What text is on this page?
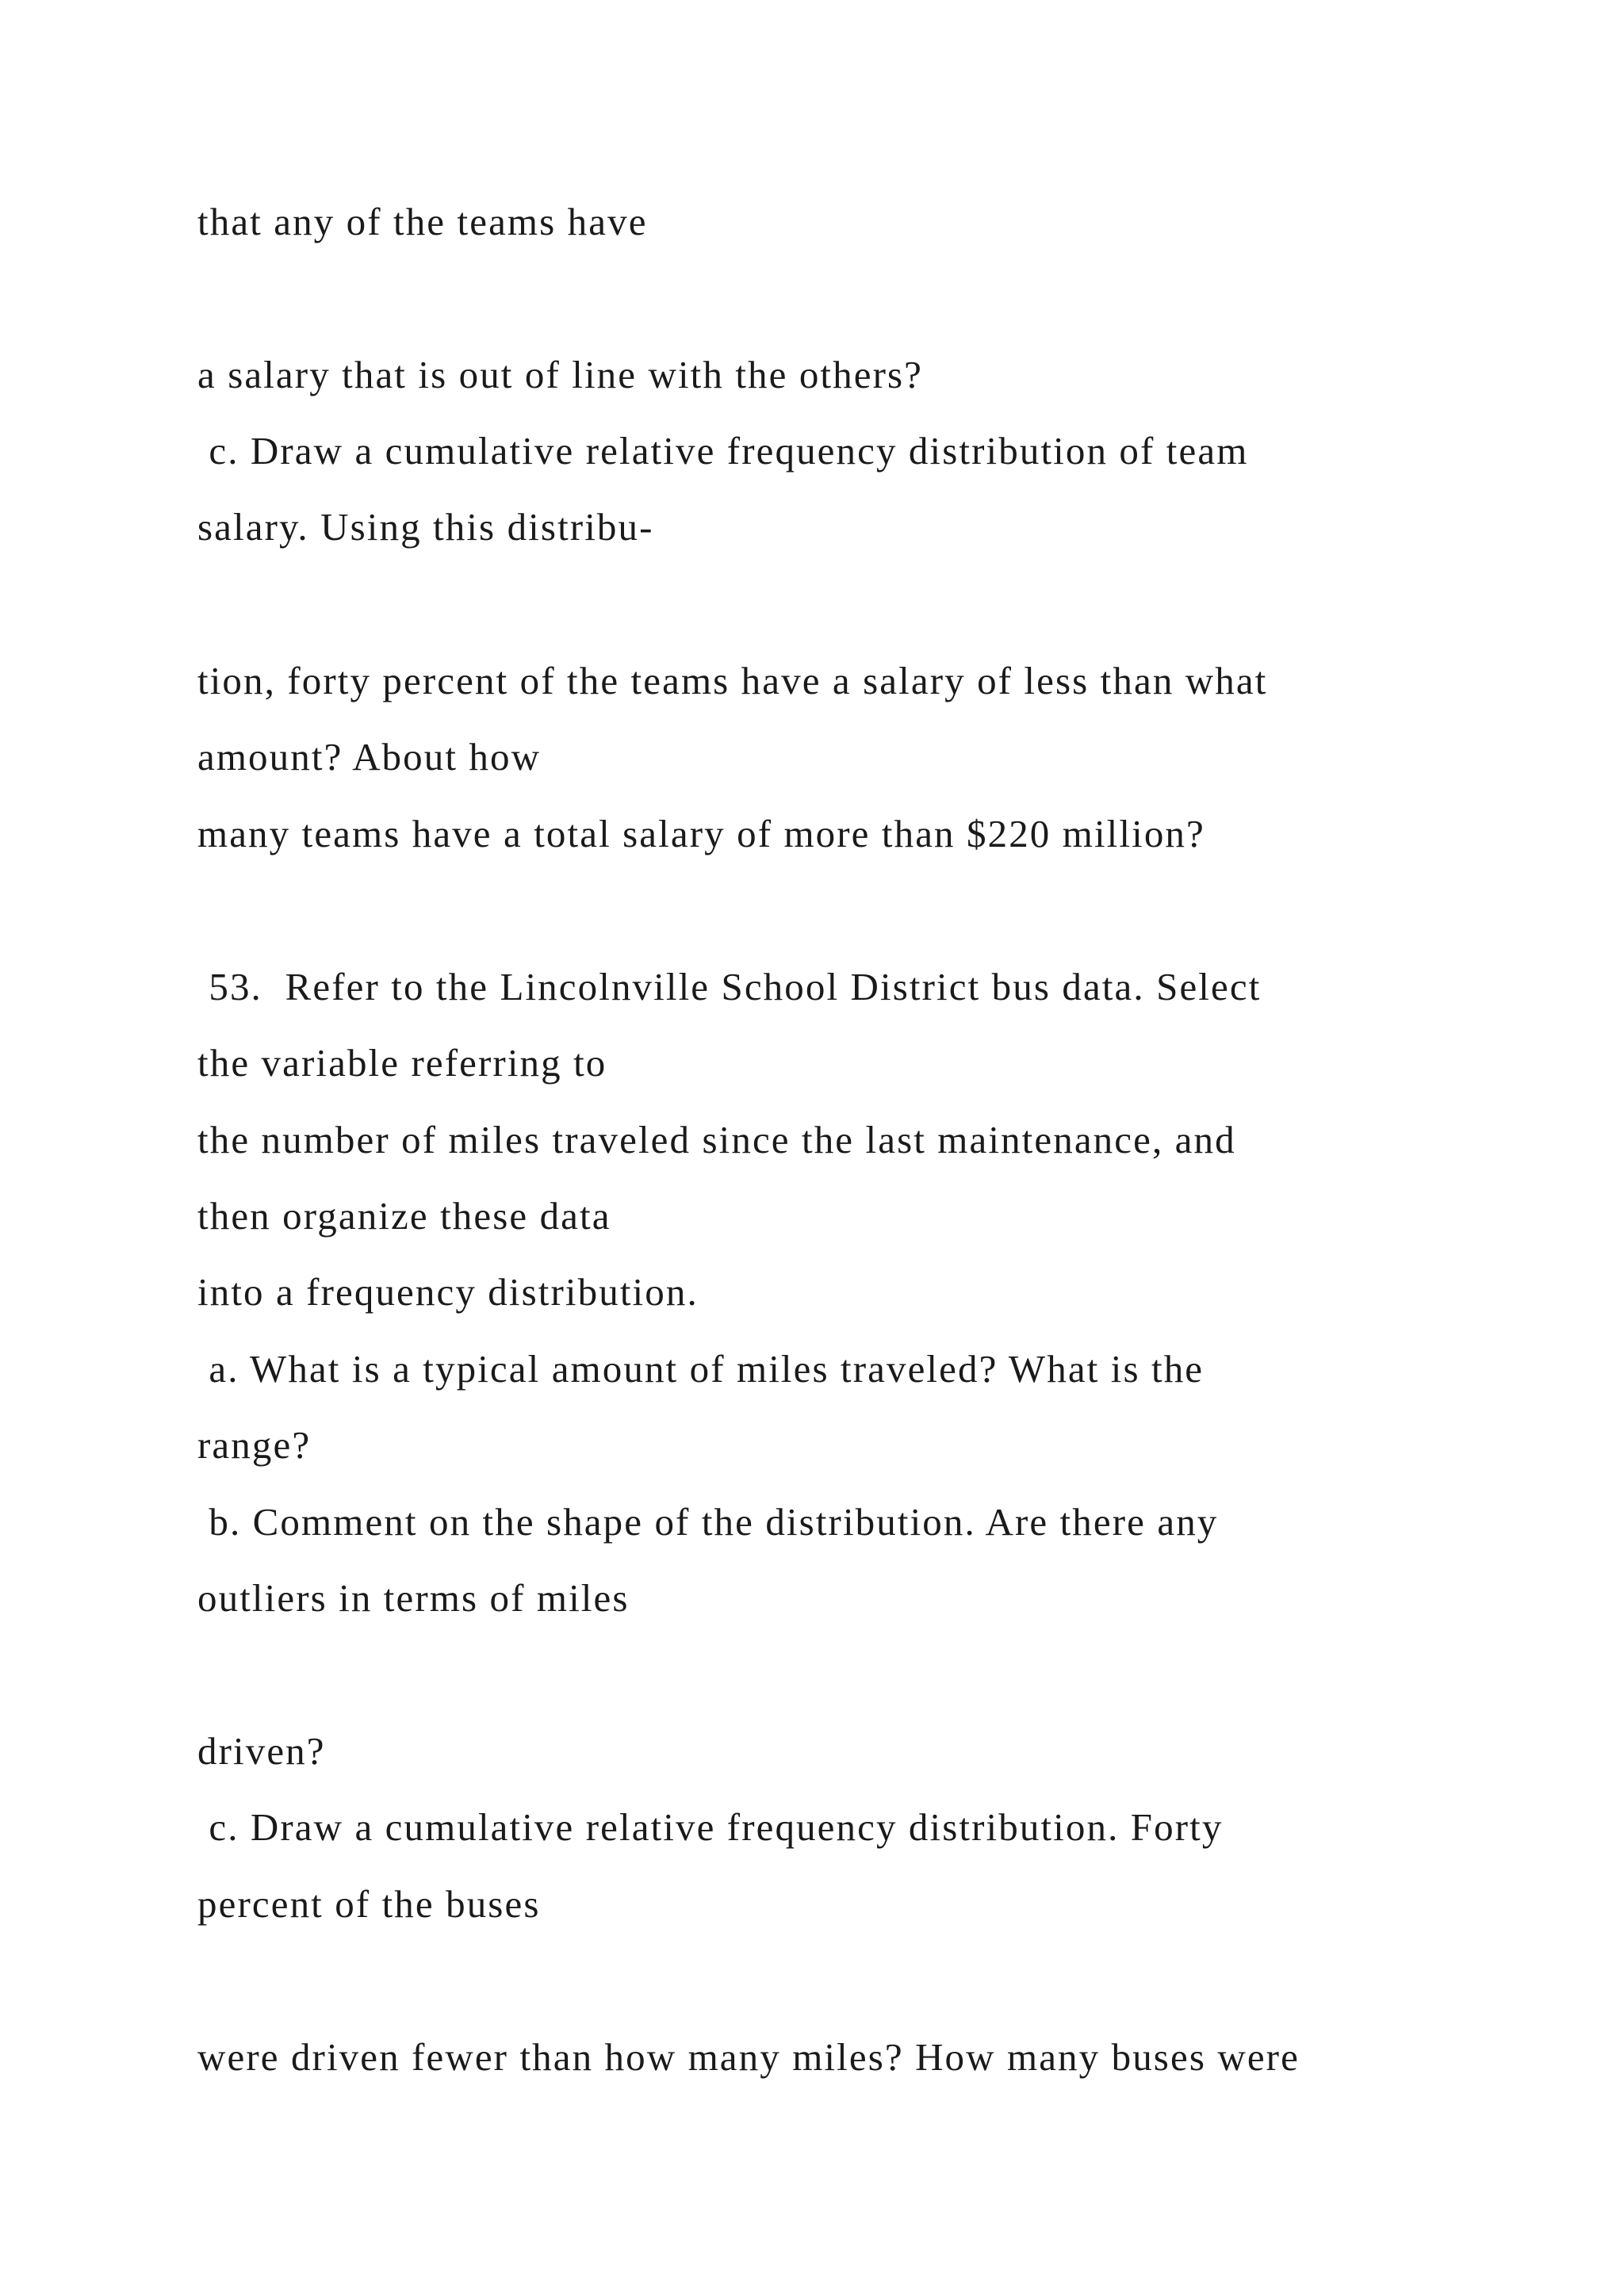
that any of the teams have
a salary that is out of line with the others?
c. Draw a cumulative relative frequency distribution of team
salary. Using this distribu-
tion, forty percent of the teams have a salary of less than what
amount? About how
many teams have a total salary of more than $220 million?
53.  Refer to the Lincolnville School District bus data. Select
the variable referring to
the number of miles traveled since the last maintenance, and
then organize these data
into a frequency distribution.
a. What is a typical amount of miles traveled? What is the
range?
b. Comment on the shape of the distribution. Are there any
outliers in terms of miles
driven?
c. Draw a cumulative relative frequency distribution. Forty
percent of the buses
were driven fewer than how many miles? How many buses were
